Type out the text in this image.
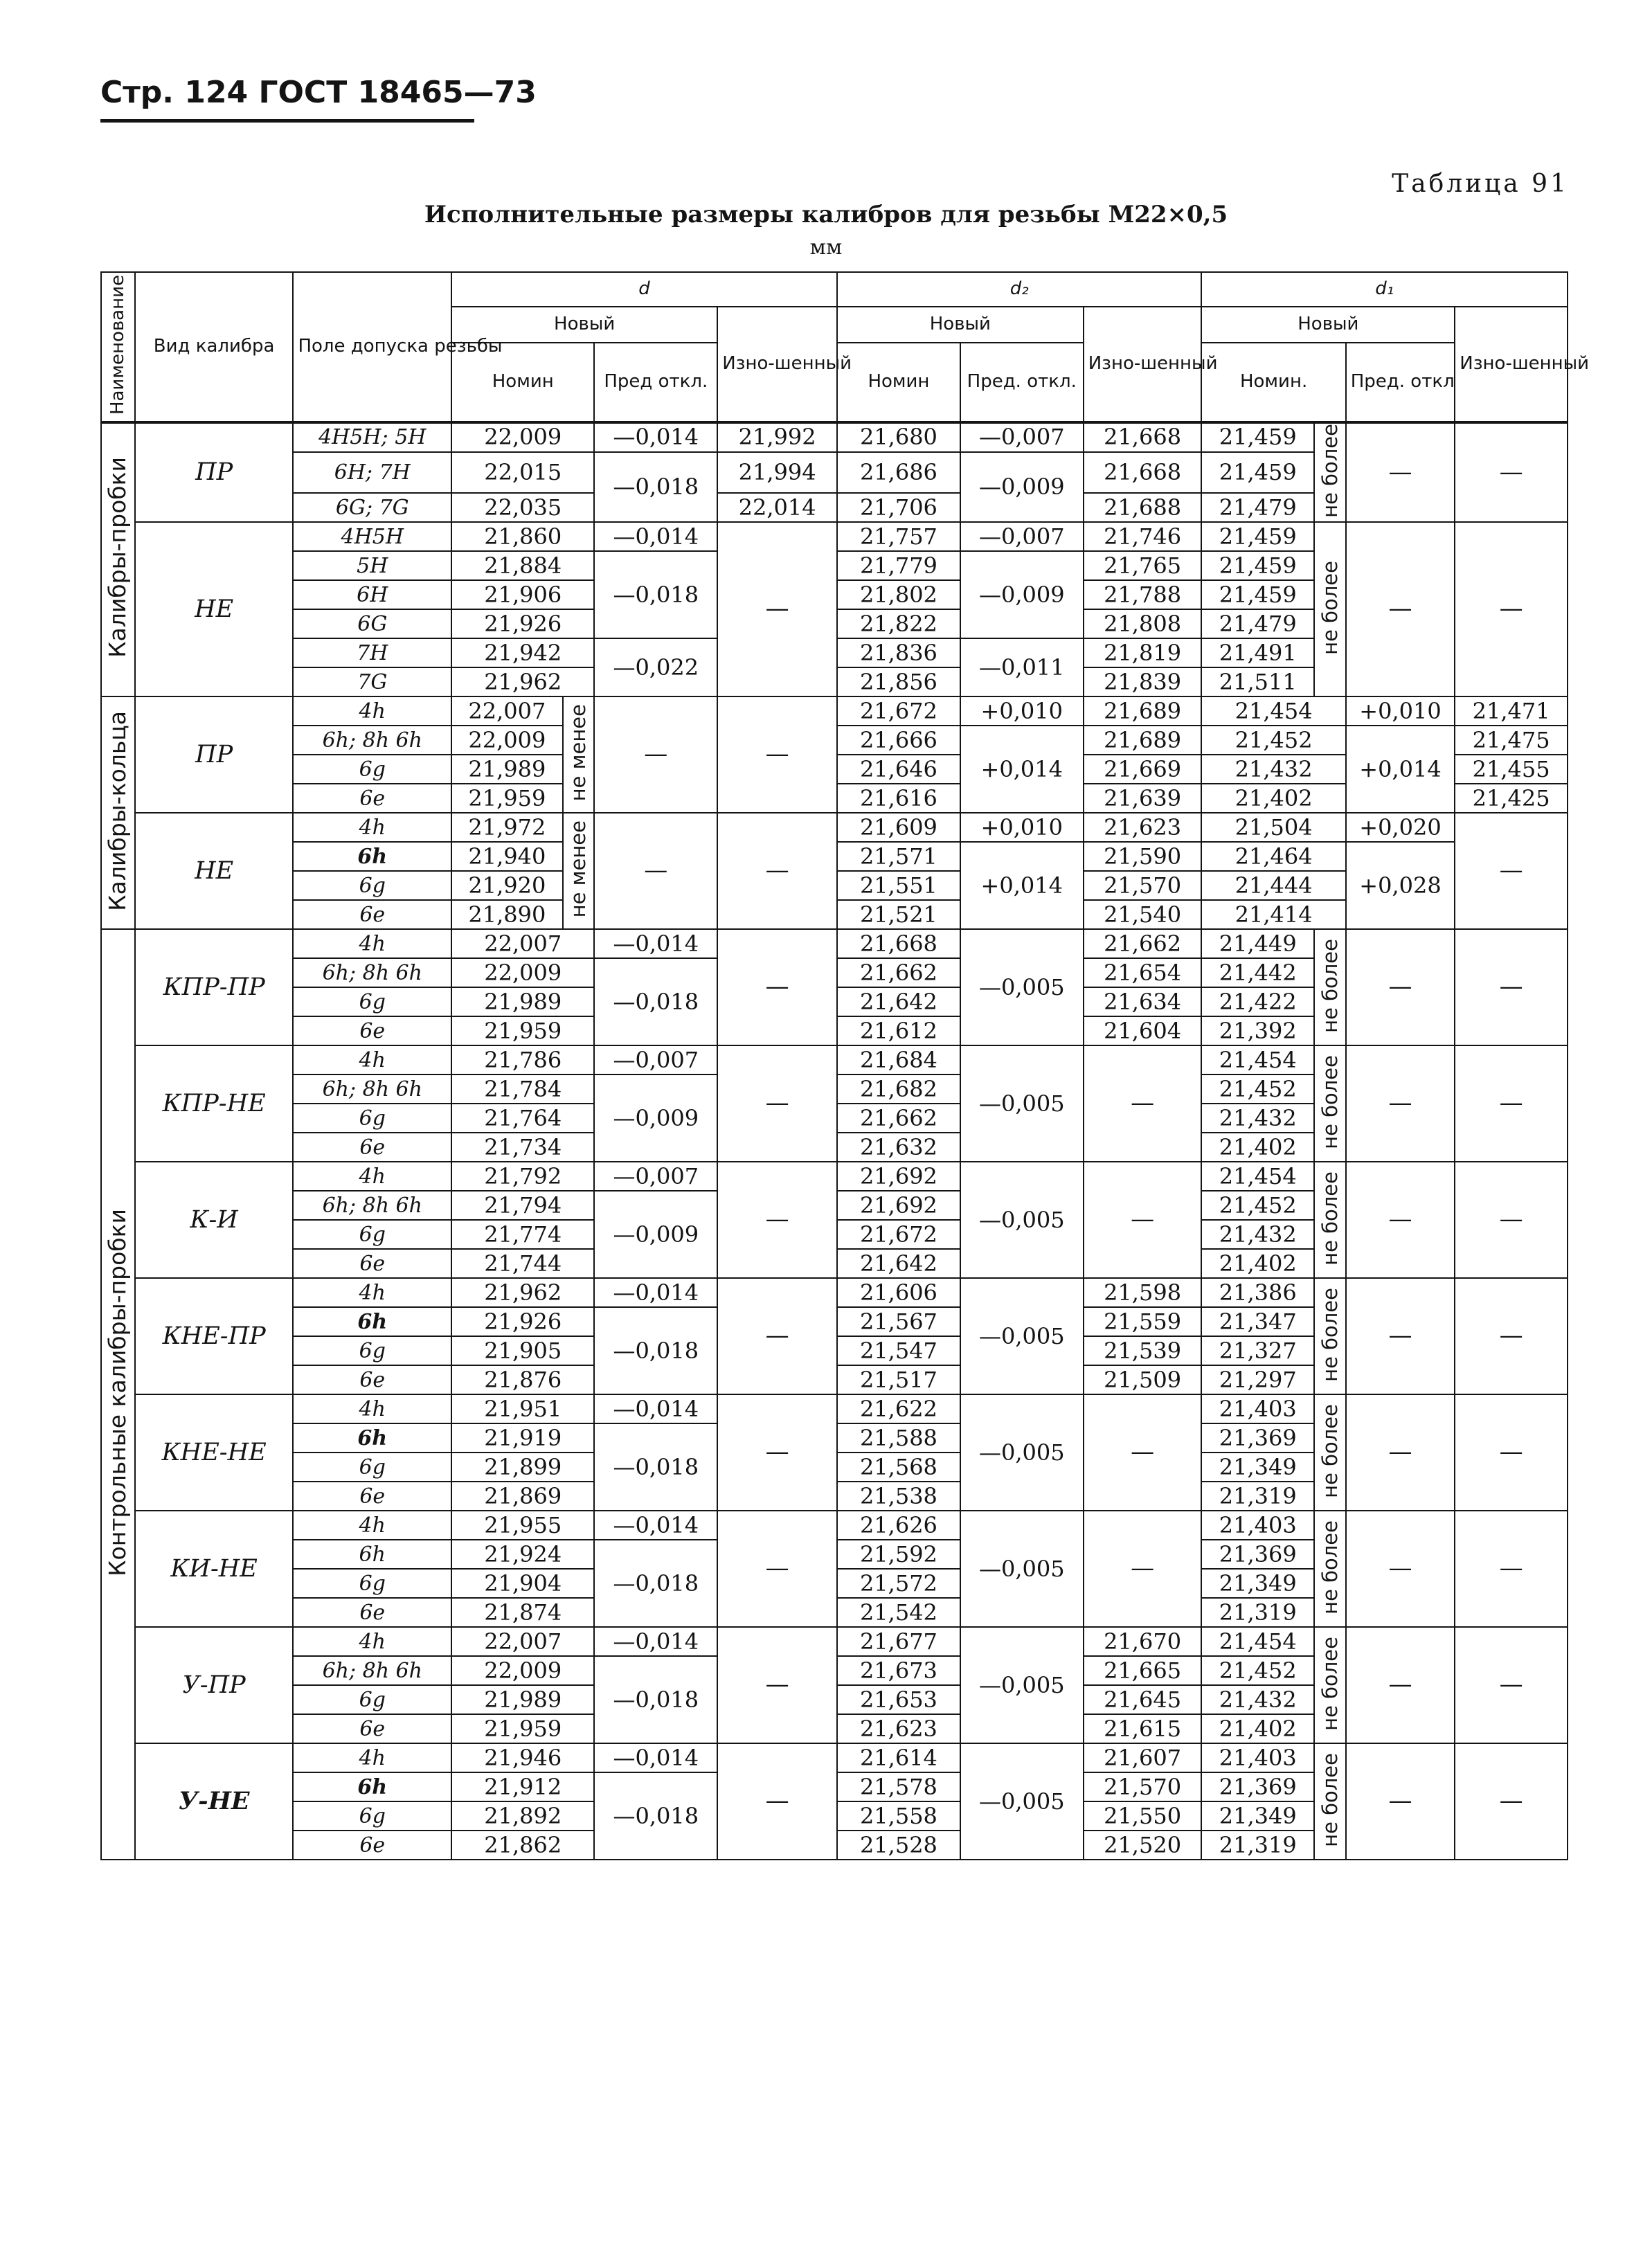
Стр. 124 ГОСТ 18465—73
Таблица 91
Исполнительные размеры калибров для резьбы М22×0,5
мм
Наименование	Вид калибра	Поле допуска резьбы	d				d₂			d₁			
			Новый			Изно-шенный	Новый		Изно-шенный	Новый			Изно-шенный
			Номин		Пред откл.		Номин	Пред. откл.		Номин.		Пред. откл	
Калибры-пробки	ПР	4H5H; 5H	22,009		—0,014	21,992	21,680	—0,007	21,668	21,459	не более	—	—
		6H; 7H	22,015		—0,018	21,994	21,686	—0,009	21,668	21,459			
		6G; 7G	22,035			22,014	21,706		21,688	21,479			
	НЕ	4H5H	21,860		—0,014	—	21,757	—0,007	21,746	21,459	не более	—	—
		5H	21,884		—0,018		21,779	—0,009	21,765	21,459			
		6H	21,906				21,802		21,788	21,459			
		6G	21,926				21,822		21,808	21,479			
		7H	21,942		—0,022		21,836	—0,011	21,819	21,491			
		7G	21,962				21,856		21,839	21,511			
Калибры-кольца	ПР	4h	22,007	не менее	—	—	21,672	+0,010	21,689	21,454		+0,010	21,471
		6h; 8h 6h	22,009				21,666	+0,014	21,689	21,452		+0,014	21,475
		6g	21,989				21,646		21,669	21,432			21,455
		6e	21,959				21,616		21,639	21,402			21,425
	НЕ	4h	21,972	не менее	—	—	21,609	+0,010	21,623	21,504		+0,020	—
		6h	21,940				21,571	+0,014	21,590	21,464		+0,028	
		6g	21,920				21,551		21,570	21,444			
		6e	21,890				21,521		21,540	21,414			
Контрольные калибры-пробки	КПР-ПР	4h	22,007		—0,014	—	21,668	—0,005	21,662	21,449	не более	—	—
		6h; 8h 6h	22,009		—0,018		21,662		21,654	21,442			
		6g	21,989				21,642		21,634	21,422			
		6e	21,959				21,612		21,604	21,392			
	КПР-НЕ	4h	21,786		—0,007	—	21,684	—0,005	—	21,454	не более	—	—
		6h; 8h 6h	21,784		—0,009		21,682			21,452			
		6g	21,764				21,662			21,432			
		6e	21,734				21,632			21,402			
	К-И	4h	21,792		—0,007	—	21,692	—0,005	—	21,454	не более	—	—
		6h; 8h 6h	21,794		—0,009		21,692			21,452			
		6g	21,774				21,672			21,432			
		6e	21,744				21,642			21,402			
	КНЕ-ПР	4h	21,962		—0,014	—	21,606	—0,005	21,598	21,386	не более	—	—
		6h	21,926		—0,018		21,567		21,559	21,347			
		6g	21,905				21,547		21,539	21,327			
		6e	21,876				21,517		21,509	21,297			
	КНЕ-НЕ	4h	21,951		—0,014	—	21,622	—0,005	—	21,403	не более	—	—
		6h	21,919		—0,018		21,588			21,369			
		6g	21,899				21,568			21,349			
		6e	21,869				21,538			21,319			
	КИ-НЕ	4h	21,955		—0,014	—	21,626	—0,005	—	21,403	не более	—	—
		6h	21,924		—0,018		21,592			21,369			
		6g	21,904				21,572			21,349			
		6e	21,874				21,542			21,319			
	У-ПР	4h	22,007		—0,014	—	21,677	—0,005	21,670	21,454	не более	—	—
		6h; 8h 6h	22,009		—0,018		21,673		21,665	21,452			
		6g	21,989				21,653		21,645	21,432			
		6e	21,959				21,623		21,615	21,402			
	У-НЕ	4h	21,946		—0,014	—	21,614	—0,005	21,607	21,403	не более	—	—
		6h	21,912		—0,018		21,578		21,570	21,369			
		6g	21,892				21,558		21,550	21,349			
		6e	21,862				21,528		21,520	21,319			
